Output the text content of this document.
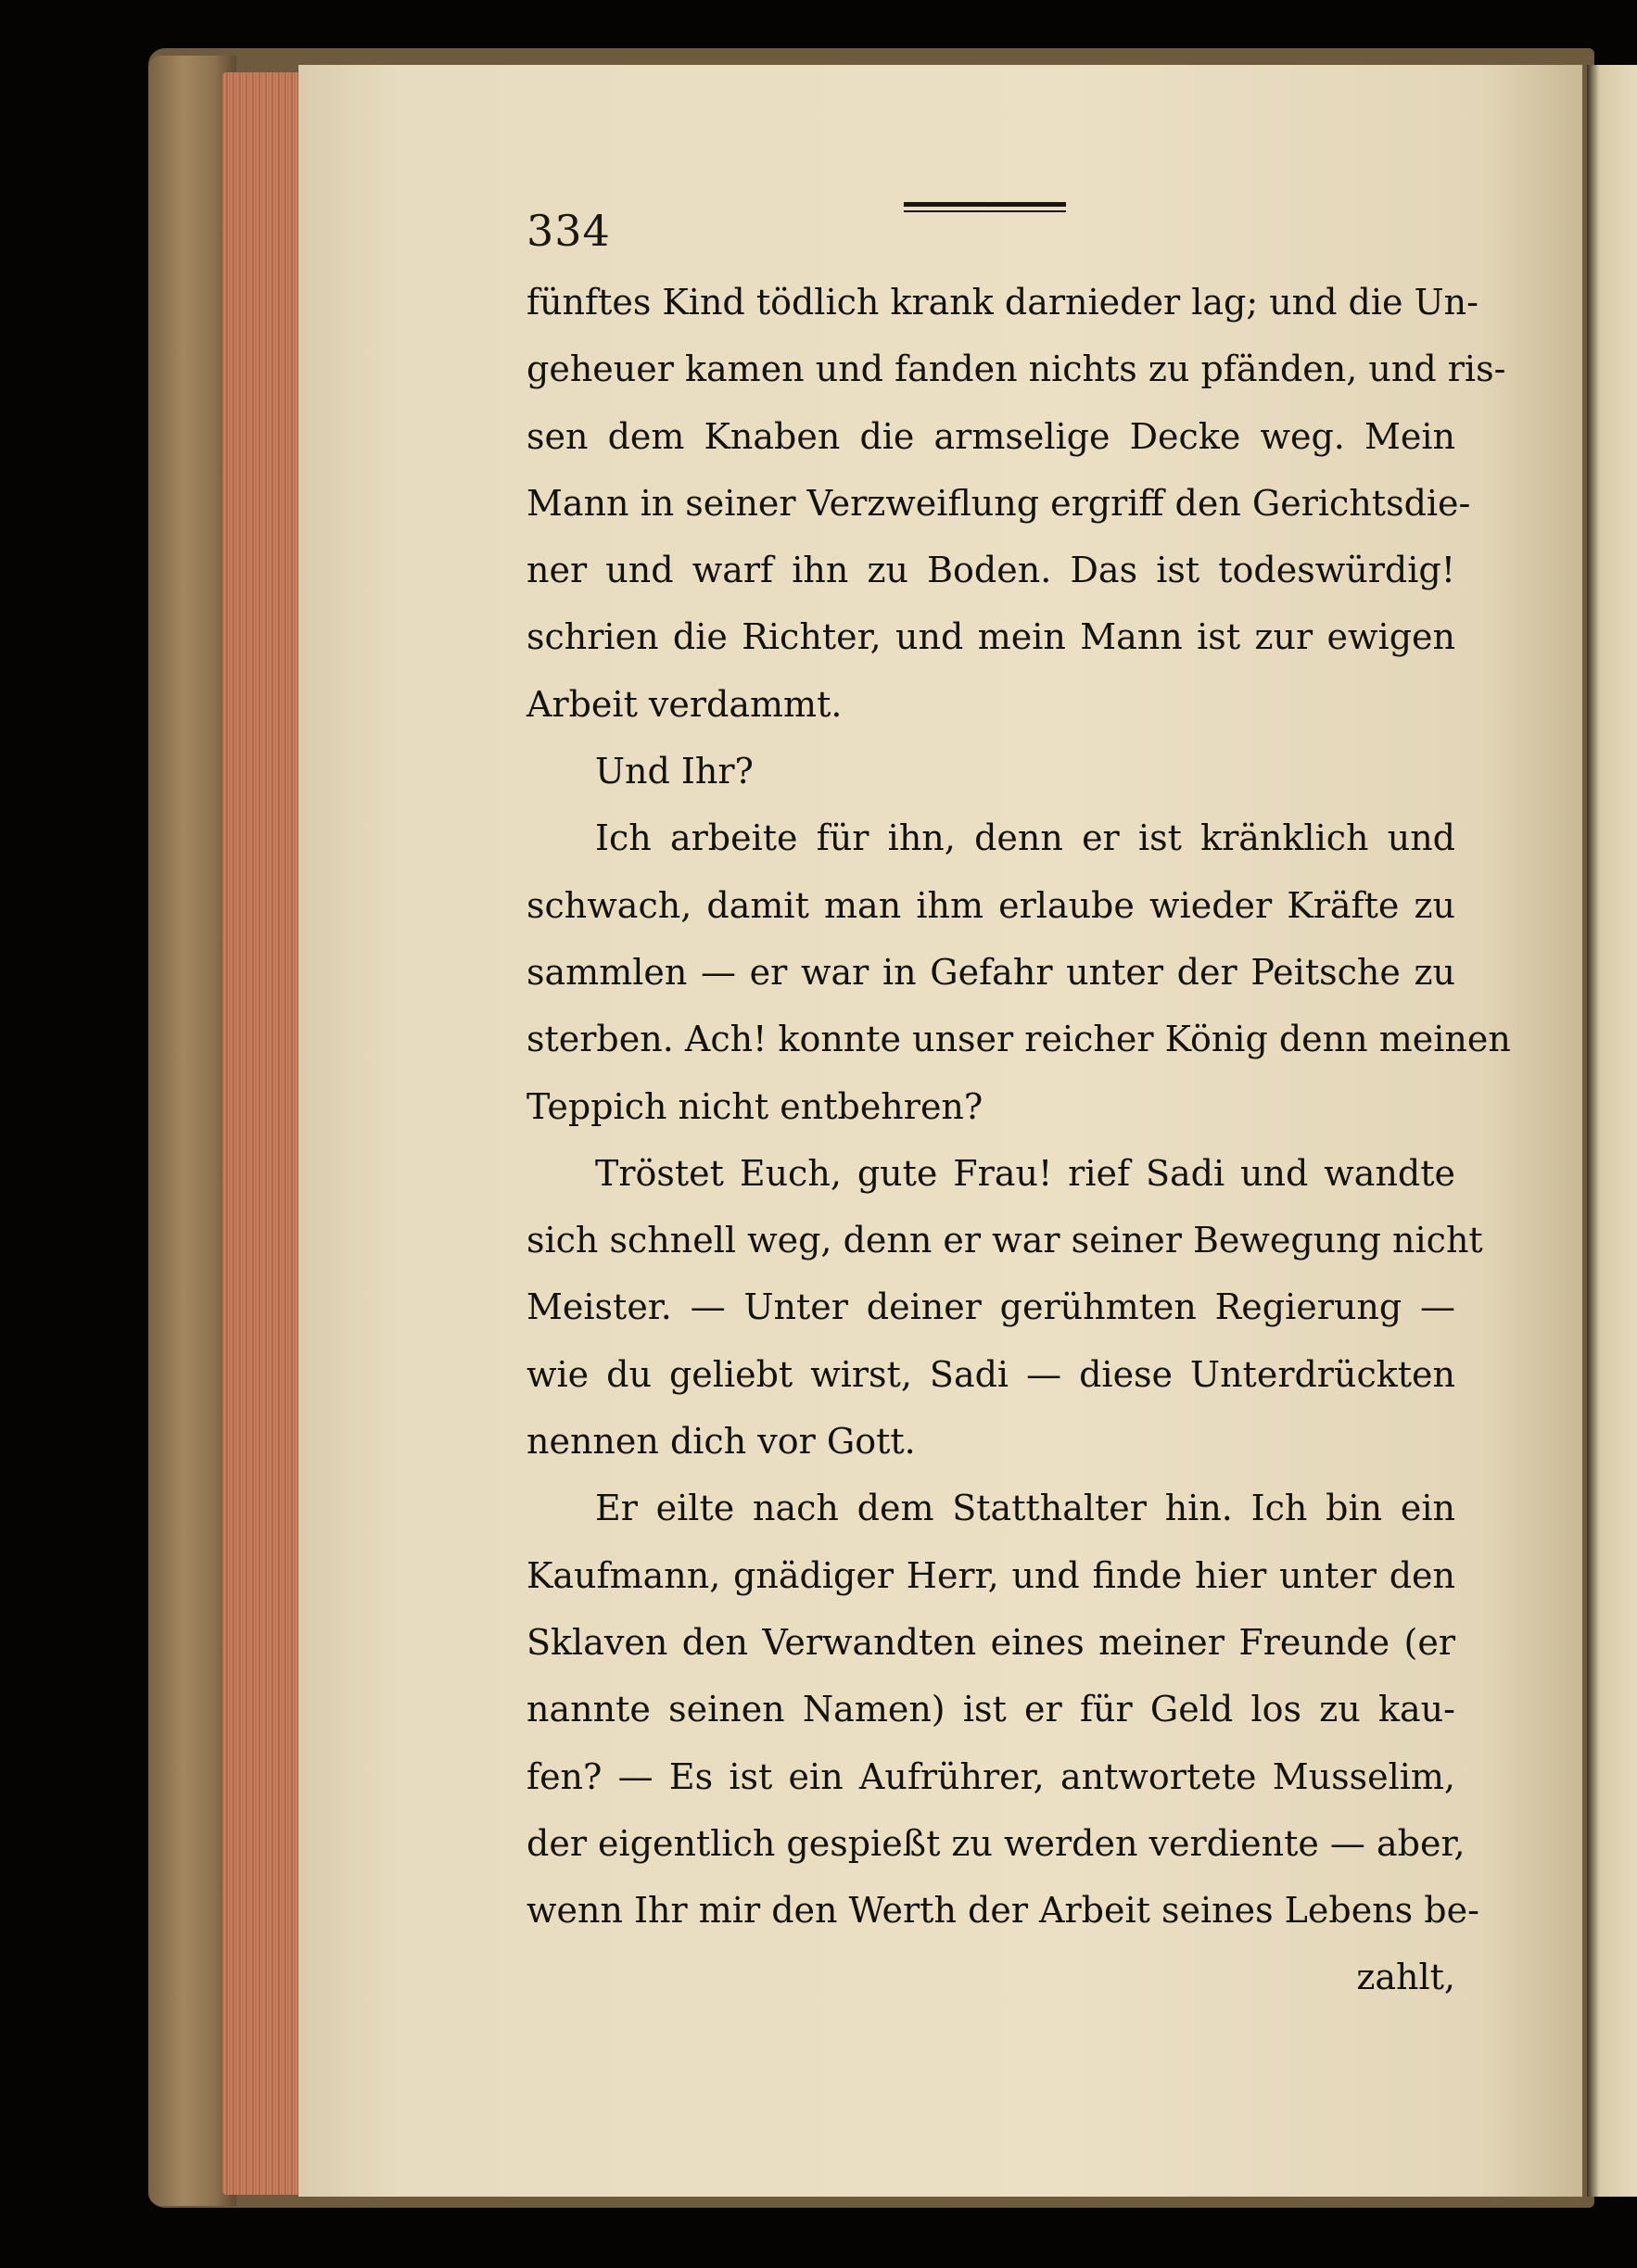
334
fünftes Kind tödlich krank darnieder lag; und die Un-
geheuer kamen und fanden nichts zu pfänden, und ris-
sen dem Knaben die armselige Decke weg. Mein
Mann in seiner Verzweiflung ergriff den Gerichtsdie-
ner und warf ihn zu Boden. Das ist todeswürdig!
schrien die Richter, und mein Mann ist zur ewigen
Arbeit verdammt.
Und Ihr?
Ich arbeite für ihn, denn er ist kränklich und
schwach, damit man ihm erlaube wieder Kräfte zu
sammlen — er war in Gefahr unter der Peitsche zu
sterben. Ach! konnte unser reicher König denn meinen
Teppich nicht entbehren?
Tröstet Euch, gute Frau! rief Sadi und wandte
sich schnell weg, denn er war seiner Bewegung nicht
Meister. — Unter deiner gerühmten Regierung —
wie du geliebt wirst, Sadi — diese Unterdrückten
nennen dich vor Gott.
Er eilte nach dem Statthalter hin. Ich bin ein
Kaufmann, gnädiger Herr, und finde hier unter den
Sklaven den Verwandten eines meiner Freunde (er
nannte seinen Namen) ist er für Geld los zu kau-
fen? — Es ist ein Aufrührer, antwortete Musselim,
der eigentlich gespießt zu werden verdiente — aber,
wenn Ihr mir den Werth der Arbeit seines Lebens be-
zahlt,
